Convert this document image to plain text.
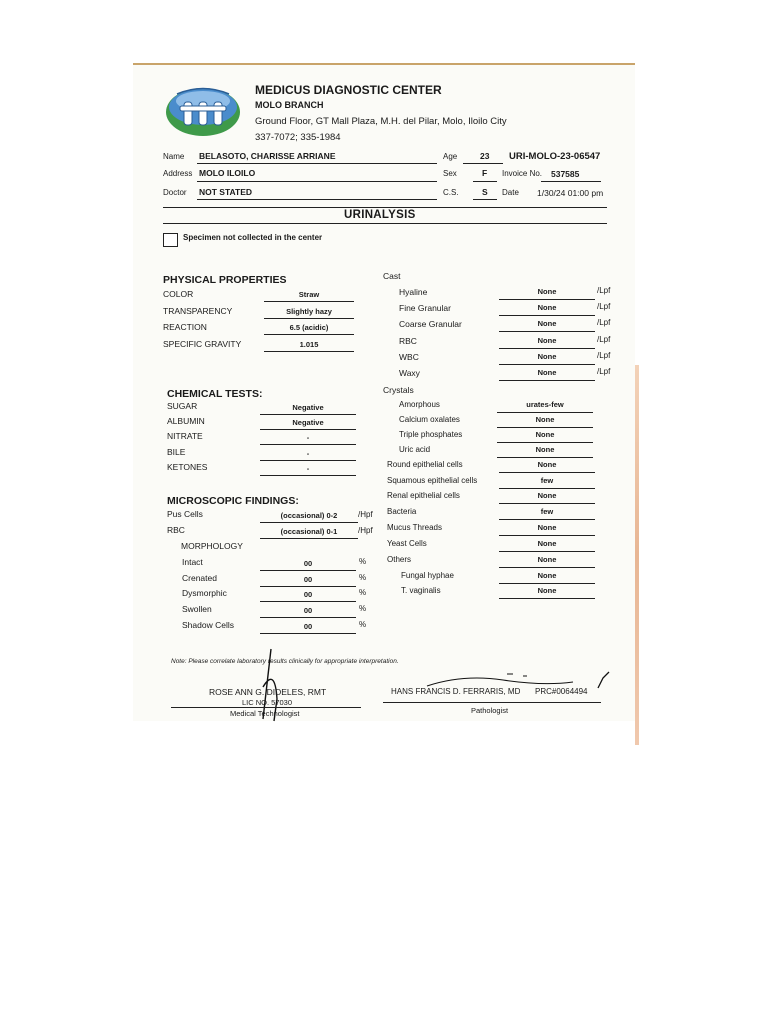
MEDICUS DIAGNOSTIC CENTER
MOLO BRANCH
Ground Floor, GT Mall Plaza, M.H. del Pilar, Molo, Iloilo City
337-7072; 335-1984
Name BELASOTO, CHARISSE ARRIANE	Age	23 URI-MOLO-23-06547
Address MOLO ILOILO	Sex	F Invoice No. 537585
Doctor NOT STATED	C.S.	S Date 1/30/24 01:00 pm
URINALYSIS
Specimen not collected in the center
PHYSICAL PROPERTIES
COLOR	Straw
TRANSPARENCY	Slightly hazy
REACTION	6.5 (acidic)
SPECIFIC GRAVITY	1.015
CHEMICAL TESTS:
SUGAR	Negative
ALBUMIN	Negative
NITRATE	-
BILE	-
KETONES	-
MICROSCOPIC FINDINGS:
Pus Cells	(occasional) 0-2	/Hpf
RBC	(occasional) 0-1	/Hpf
MORPHOLOGY
Intact	00	%
Crenated	00	%
Dysmorphic	00	%
Swollen	00	%
Shadow Cells	00	%
Cast
Hyaline	None	/Lpf
Fine Granular	None	/Lpf
Coarse Granular	None	/Lpf
RBC	None	/Lpf
WBC	None	/Lpf
Waxy	None	/Lpf
Crystals
Amorphous	urates-few
Calcium oxalates	None
Triple phosphates	None
Uric acid	None
Round epithelial cells	None
Squamous epithelial cells	few
Renal epithelial cells	None
Bacteria	few
Mucus Threads	None
Yeast Cells	None
Others	None
Fungal hyphae	None
T. vaginalis	None
Note: Please correlate laboratory results clinically for appropriate interpretation.
ROSE ANN G. DIDELES, RMT
LIC NO. 57030
Medical Technologist
HANS FRANCIS D. FERRARIS, MD PRC#0064494
Pathologist
